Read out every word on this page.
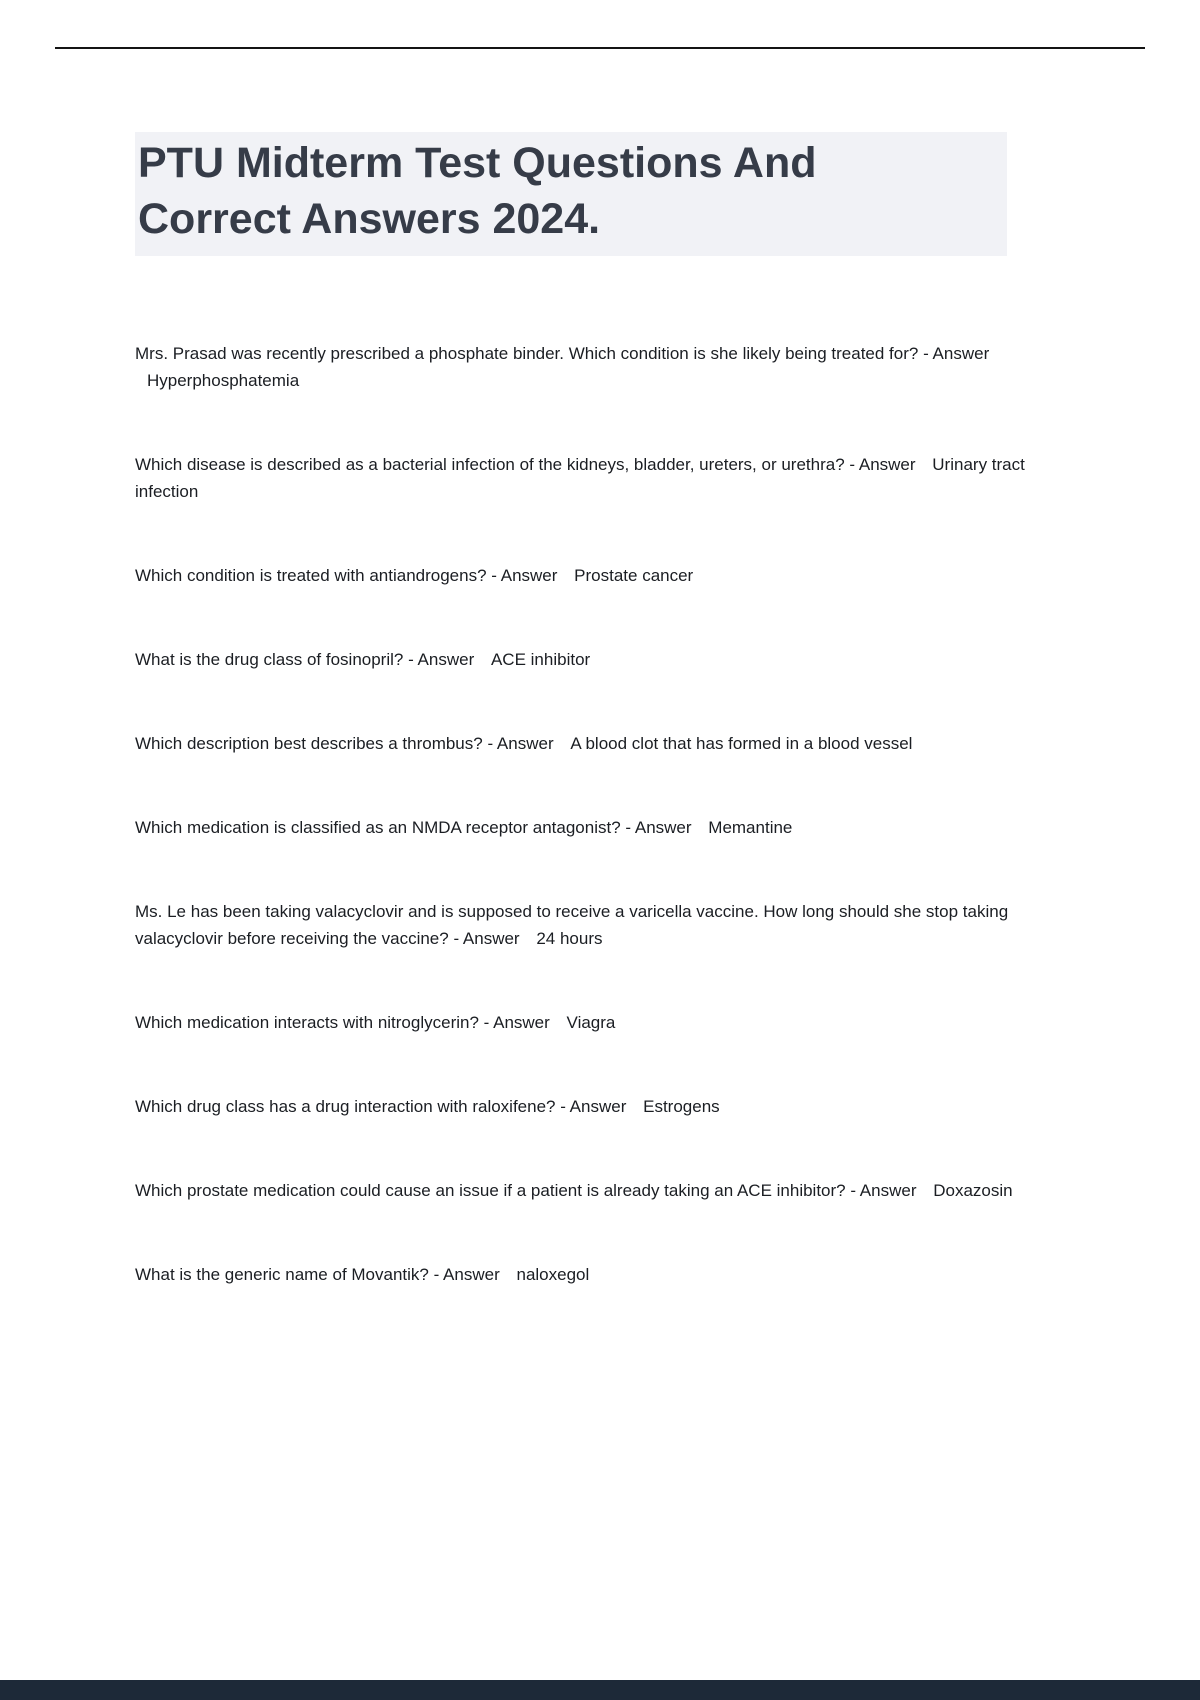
PTU Midterm Test Questions And
Correct Answers 2024.

Mrs. Prasad was recently prescribed a phosphate binder. Which condition is she likely being treated for? - Answer Hyperphosphatemia

Which disease is described as a bacterial infection of the kidneys, bladder, ureters, or urethra? - Answer Urinary tract infection

Which condition is treated with antiandrogens? - Answer Prostate cancer

What is the drug class of fosinopril? - Answer ACE inhibitor

Which description best describes a thrombus? - Answer A blood clot that has formed in a blood vessel

Which medication is classified as an NMDA receptor antagonist? - Answer Memantine

Ms. Le has been taking valacyclovir and is supposed to receive a varicella vaccine. How long should she stop taking valacyclovir before receiving the vaccine? - Answer 24 hours

Which medication interacts with nitroglycerin? - Answer Viagra

Which drug class has a drug interaction with raloxifene? - Answer Estrogens

Which prostate medication could cause an issue if a patient is already taking an ACE inhibitor? - Answer Doxazosin

What is the generic name of Movantik? - Answer naloxegol
